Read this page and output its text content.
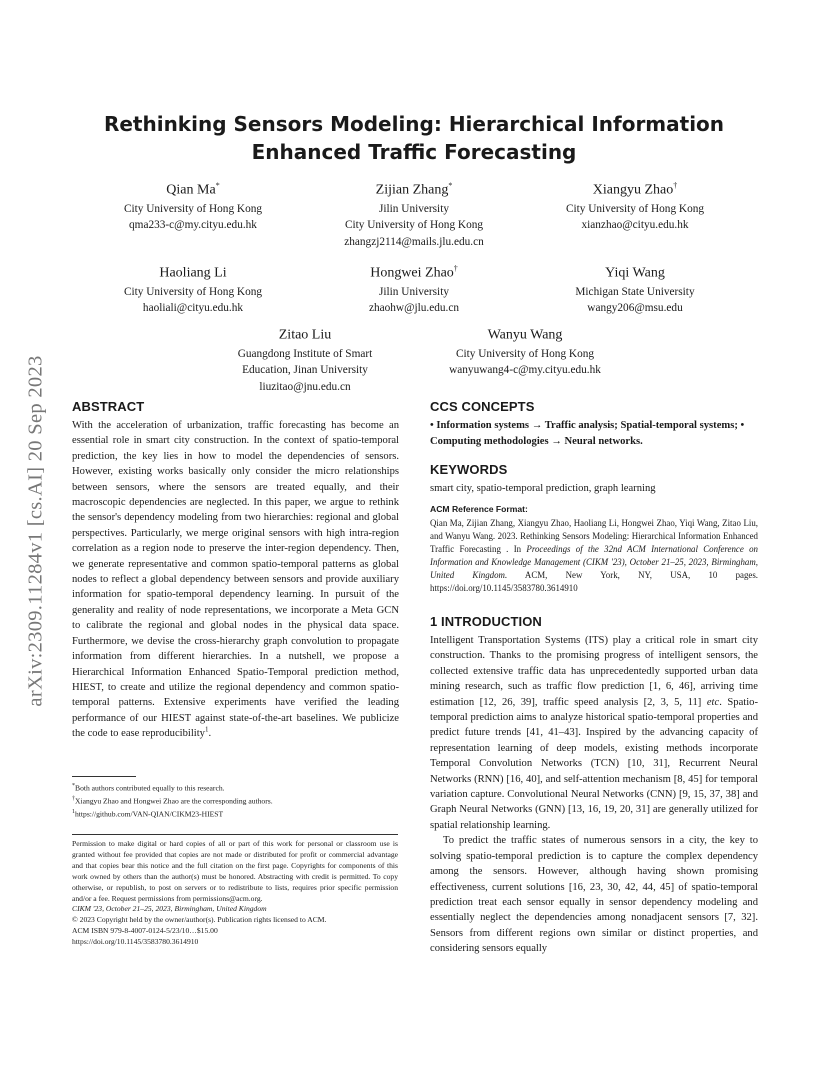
arXiv:2309.11284v1 [cs.AI] 20 Sep 2023
Rethinking Sensors Modeling: Hierarchical Information
Enhanced Traffic Forecasting
Qian Ma*
City University of Hong Kong
qma233-c@my.cityu.edu.hk
Zijian Zhang*
Jilin University
City University of Hong Kong
zhangzj2114@mails.jlu.edu.cn
Xiangyu Zhao†
City University of Hong Kong
xianzhao@cityu.edu.hk
Haoliang Li
City University of Hong Kong
haoliali@cityu.edu.hk
Hongwei Zhao†
Jilin University
zhaohw@jlu.edu.cn
Yiqi Wang
Michigan State University
wangy206@msu.edu
Zitao Liu
Guangdong Institute of Smart
Education, Jinan University
liuzitao@jnu.edu.cn
Wanyu Wang
City University of Hong Kong
wanyuwang4-c@my.cityu.edu.hk
ABSTRACT

With the acceleration of urbanization, traffic forecasting has become an essential role in smart city construction. In the context of spatio-temporal prediction, the key lies in how to model the dependencies of sensors. However, existing works basically only consider the micro relationships between sensors, where the sensors are treated equally, and their macroscopic dependencies are neglected. In this paper, we argue to rethink the sensor's dependency modeling from two hierarchies: regional and global perspectives. Particularly, we merge original sensors with high intra-region correlation as a region node to preserve the inter-region dependency. Then, we generate representative and common spatio-temporal patterns as global nodes to reflect a global dependency between sensors and provide auxiliary information for spatio-temporal dependency learning. In pursuit of the generality and reality of node representations, we incorporate a Meta GCN to calibrate the regional and global nodes in the physical data space. Furthermore, we devise the cross-hierarchy graph convolution to propagate information from different hierarchies. In a nutshell, we propose a Hierarchical Information Enhanced Spatio-Temporal prediction method, HIEST, to create and utilize the regional dependency and common spatio-temporal patterns. Extensive experiments have verified the leading performance of our HIEST against state-of-the-art baselines. We publicize the code to ease reproducibility$^1$.

*Both authors contributed equally to this research.
†Xiangyu Zhao and Hongwei Zhao are the corresponding authors.
$^1$https://github.com/VAN-QIAN/CIKM23-HIEST

Permission to make digital or hard copies of all or part of this work for personal or classroom use is granted without fee provided that copies are not made or distributed for profit or commercial advantage and that copies bear this notice and the full citation on the first page. Copyrights for components of this work owned by others than the author(s) must be honored. Abstracting with credit is permitted. To copy otherwise, or republish, to post on servers or to redistribute to lists, requires prior specific permission and/or a fee. Request permissions from permissions@acm.org.

CIKM '23, October 21–25, 2023, Birmingham, United Kingdom

© 2023 Copyright held by the owner/author(s). Publication rights licensed to ACM.

ACM ISBN 979-8-4007-0124-5/23/10…$15.00

https://doi.org/10.1145/3583780.3614910

CCS CONCEPTS
• Information systems → Traffic analysis; Spatial-temporal systems; • Computing methodologies → Neural networks.
KEYWORDS
smart city, spatio-temporal prediction, graph learning
ACM Reference Format:
Qian Ma, Zijian Zhang, Xiangyu Zhao, Haoliang Li, Hongwei Zhao, Yiqi Wang, Zitao Liu, and Wanyu Wang. 2023. Rethinking Sensors Modeling: Hierarchical Information Enhanced Traffic Forecasting . In Proceedings of the 32nd ACM International Conference on Information and Knowledge Management (CIKM '23), October 21–25, 2023, Birmingham, United Kingdom. ACM, New York, NY, USA, 10 pages. https://doi.org/10.1145/3583780.3614910
1 INTRODUCTION

Intelligent Transportation Systems (ITS) play a critical role in smart city construction. Thanks to the promising progress of intelligent sensors, the collected extensive traffic data has unprecedentedly supported urban data mining research, such as traffic flow prediction [1, 6, 46], arriving time estimation [12, 26, 39], traffic speed analysis [2, 3, 5, 11] etc. Spatio-temporal prediction aims to analyze historical spatio-temporal properties and predict future trends [41, 41–43]. Inspired by the advancing capacity of representation learning of deep models, existing methods incorporate Temporal Convolution Networks (TCN) [10, 31], Recurrent Neural Networks (RNN) [16, 40], and self-attention mechanism [8, 45] for temporal variation capture. Convolutional Neural Networks (CNN) [9, 15, 37, 38] and Graph Neural Networks (GNN) [13, 16, 19, 20, 31] are generally utilized for spatial relationship learning.

To predict the traffic states of numerous sensors in a city, the key to solving spatio-temporal prediction is to capture the complex dependency among the sensors. However, although having shown promising effectiveness, current solutions [16, 23, 30, 42, 44, 45] of spatio-temporal prediction treat each sensor equally in sensor dependency modeling and essentially neglect the dependencies among nonadjacent sensors [7, 32]. Sensors from different regions own similar or distinct properties, and considering sensors equally
